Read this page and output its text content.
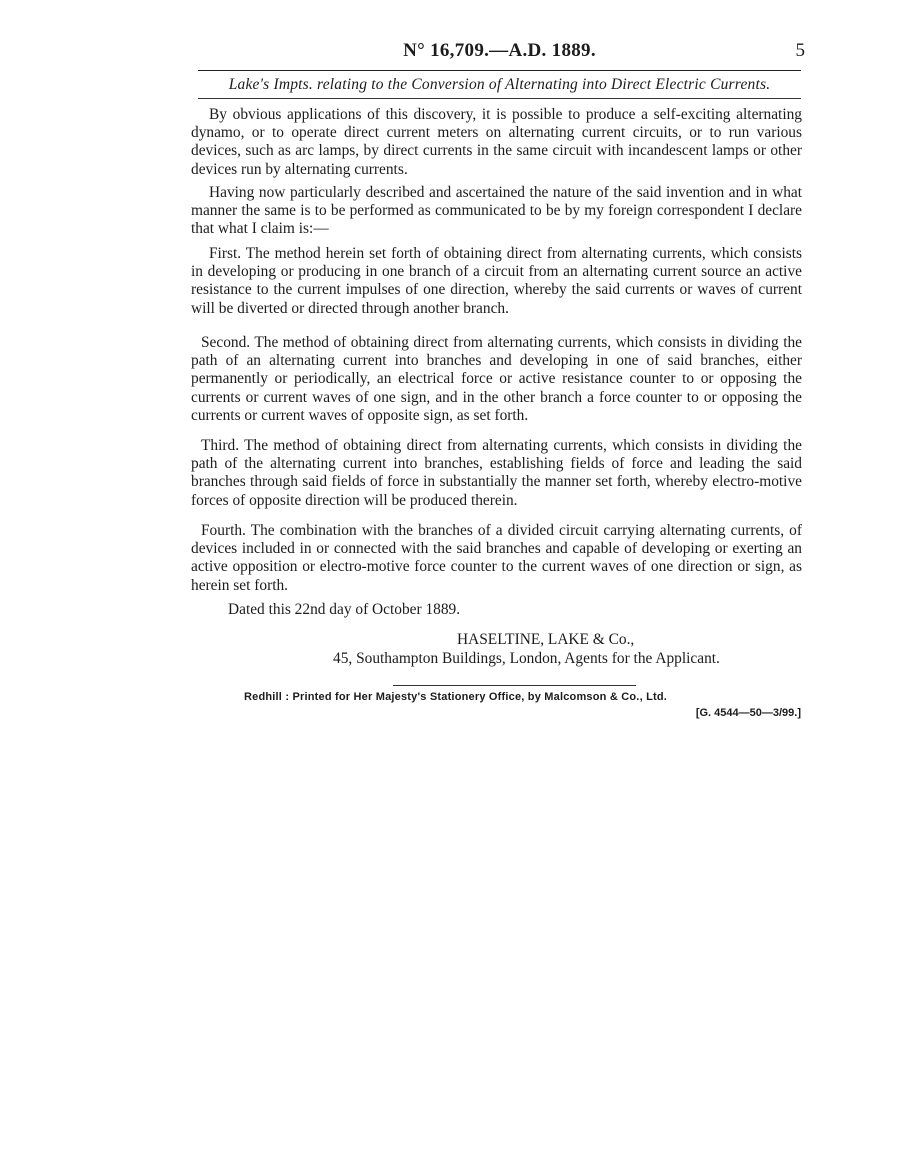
N° 16,709.—A.D. 1889.	5
Lake's Impts. relating to the Conversion of Alternating into Direct Electric Currents.
By obvious applications of this discovery, it is possible to produce a self-exciting alternating dynamo, or to operate direct current meters on alternating current circuits, or to run various devices, such as arc lamps, by direct currents in the same circuit with incandescent lamps or other devices run by alternating currents.
Having now particularly described and ascertained the nature of the said invention and in what manner the same is to be performed as communicated to be by my foreign correspondent I declare that what I claim is:—
First. The method herein set forth of obtaining direct from alternating currents, which consists in developing or producing in one branch of a circuit from an alternating current source an active resistance to the current impulses of one direction, whereby the said currents or waves of current will be diverted or directed through another branch.
Second. The method of obtaining direct from alternating currents, which consists in dividing the path of an alternating current into branches and developing in one of said branches, either permanently or periodically, an electrical force or active resistance counter to or opposing the currents or current waves of one sign, and in the other branch a force counter to or opposing the currents or current waves of opposite sign, as set forth.
Third. The method of obtaining direct from alternating currents, which consists in dividing the path of the alternating current into branches, establishing fields of force and leading the said branches through said fields of force in substantially the manner set forth, whereby electro-motive forces of opposite direction will be produced therein.
Fourth. The combination with the branches of a divided circuit carrying alternating currents, of devices included in or connected with the said branches and capable of developing or exerting an active opposition or electro-motive force counter to the current waves of one direction or sign, as herein set forth.
Dated this 22nd day of October 1889.
HASELTINE, LAKE & Co.,
45, Southampton Buildings, London, Agents for the Applicant.
Redhill : Printed for Her Majesty's Stationery Office, by Malcomson & Co., Ltd.
[G. 4544—50—3/99.]
